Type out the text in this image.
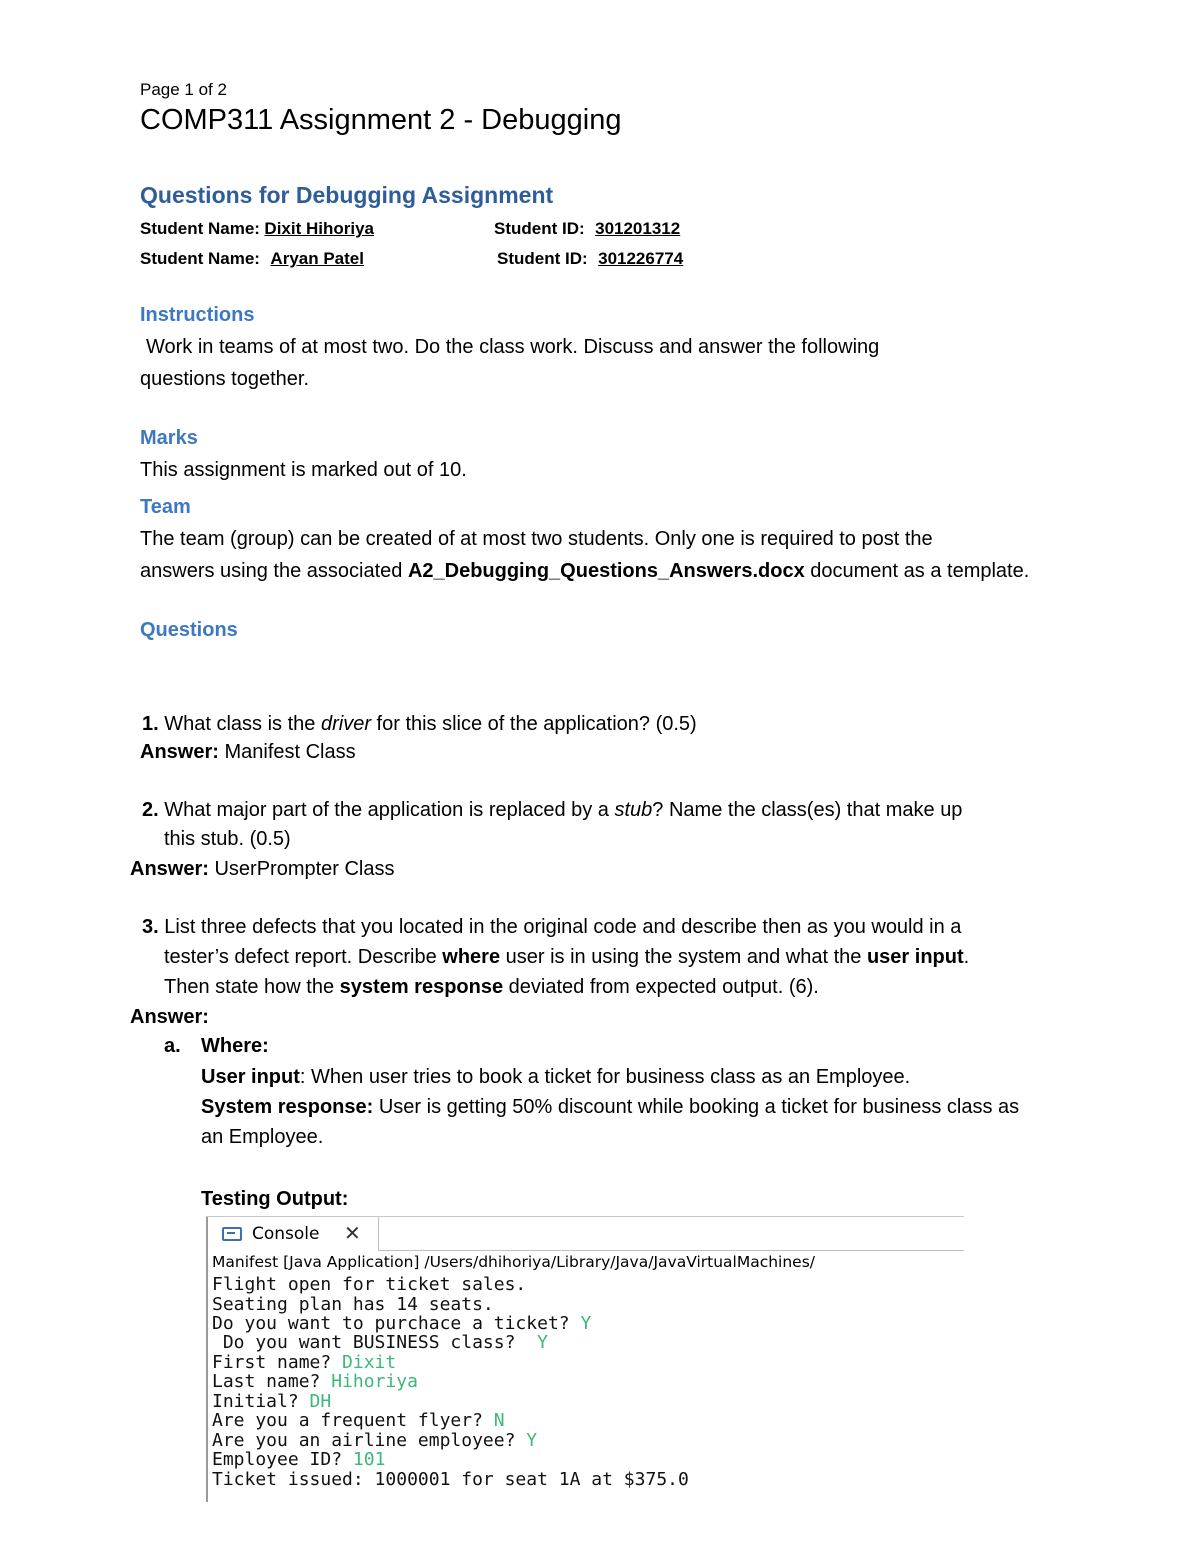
Page 1 of 2
COMP311 Assignment 2 - Debugging
Questions for Debugging Assignment
Student Name: Dixit Hihoriya	Student ID: 301201312
Student Name: Aryan Patel	Student ID: 301226774
Instructions
Work in teams of at most two. Do the class work. Discuss and answer the following
questions together.
Marks
This assignment is marked out of 10.
Team
The team (group) can be created of at most two students. Only one is required to post the
answers using the associated A2_Debugging_Questions_Answers.docx document as a template.
Questions
1. What class is the driver for this slice of the application? (0.5)
Answer: Manifest Class
2. What major part of the application is replaced by a stub? Name the class(es) that make up
this stub. (0.5)
Answer: UserPrompter Class
3. List three defects that you located in the original code and describe then as you would in a
tester’s defect report. Describe where user is in using the system and what the user input.
Then state how the system response deviated from expected output. (6).
Answer:
a. Where:
User input: When user tries to book a ticket for business class as an Employee.
System response: User is getting 50% discount while booking a ticket for business class as
an Employee.
Testing Output:
Console ✕
Manifest [Java Application] /Users/dhihoriya/Library/Java/JavaVirtualMachines/
Flight open for ticket sales.
Seating plan has 14 seats.
Do you want to purchace a ticket? Y
Do you want BUSINESS class?  Y
First name? Dixit
Last name? Hihoriya
Initial? DH
Are you a frequent flyer? N
Are you an airline employee? Y
Employee ID? 101
Ticket issued: 1000001 for seat 1A at $375.0
